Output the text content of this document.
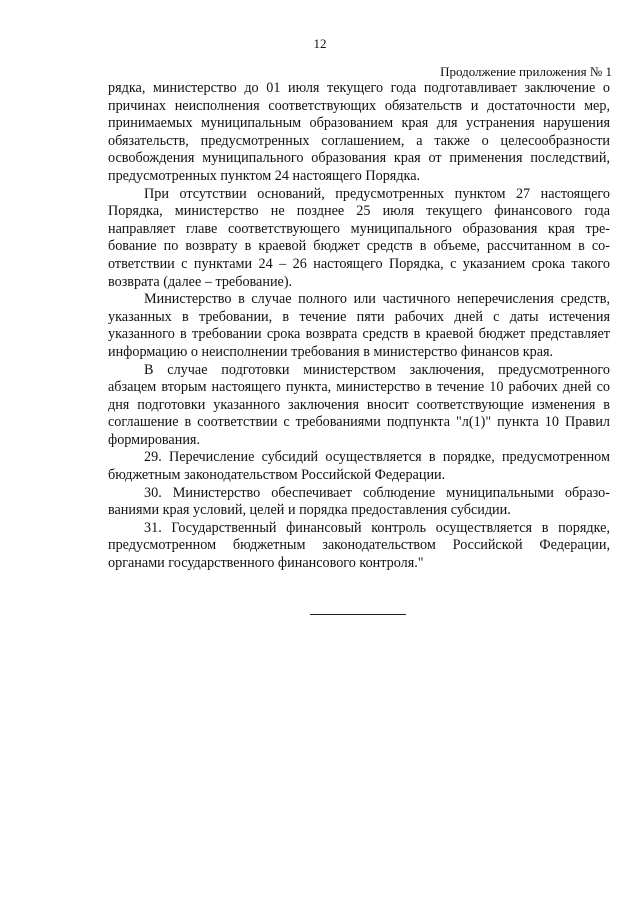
12
Продолжение приложения № 1

рядка, министерство до 01 июля текущего года подготавливает заключение о причинах неисполнения соответствующих обязательств и достаточности мер, принимаемых муниципальным образованием края для устранения нарушения обязательств, предусмотренных соглашением, а также о целесообразности освобождения муниципального образования края от применения последствий, предусмотренных пунктом 24 настоящего Порядка.

При отсутствии оснований, предусмотренных пунктом 27 настоящего Порядка, министерство не позднее 25 июля текущего финансового года направляет главе соответствующего муниципального образования края требование по возврату в краевой бюджет средств в объеме, рассчитанном в соответствии с пунктами 24 – 26 настоящего Порядка, с указанием срока такого возврата (далее – требование).

Министерство в случае полного или частичного неперечисления средств, указанных в требовании, в течение пяти рабочих дней с даты истечения указанного в требовании срока возврата средств в краевой бюджет представляет информацию о неисполнении требования в министерство финансов края.

В случае подготовки министерством заключения, предусмотренного абзацем вторым настоящего пункта, министерство в течение 10 рабочих дней со дня подготовки указанного заключения вносит соответствующие изменения в соглашение в соответствии с требованиями подпункта "л(1)" пункта 10 Правил формирования.

29. Перечисление субсидий осуществляется в порядке, предусмотренном бюджетным законодательством Российской Федерации.

30. Министерство обеспечивает соблюдение муниципальными образованиями края условий, целей и порядка предоставления субсидии.

31. Государственный финансовый контроль осуществляется в порядке, предусмотренном бюджетным законодательством Российской Федерации, органами государственного финансового контроля."
